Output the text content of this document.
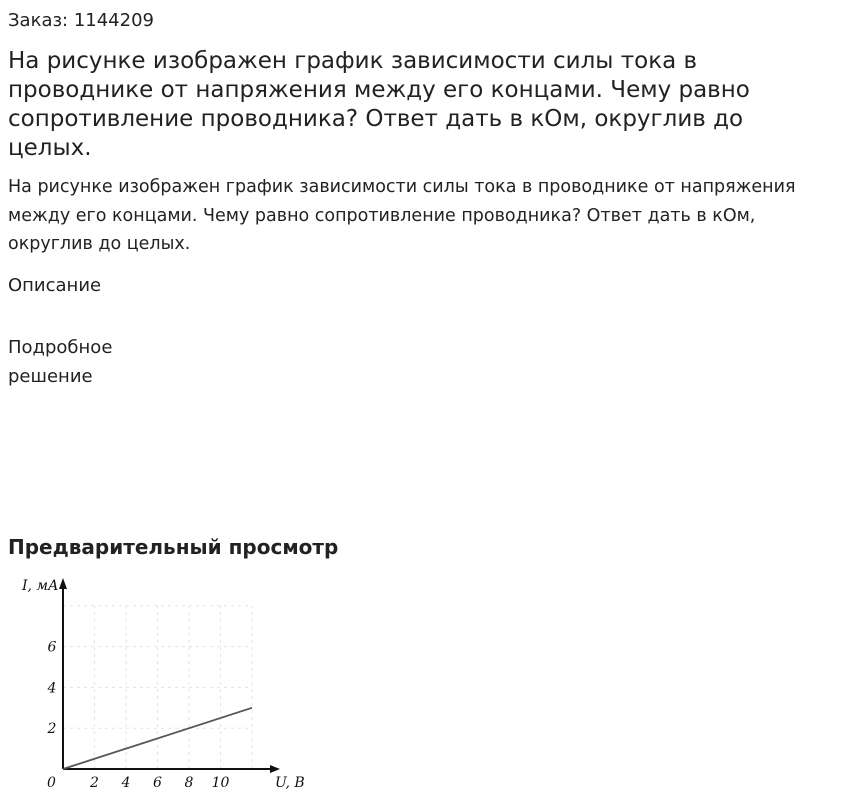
Заказ: 1144209
На рисунке изображен график зависимости силы тока в проводнике от напряжения между его концами. Чему равно сопротивление проводника? Ответ дать в кОм, округлив до целых.

На рисунке изображен график зависимости силы тока в проводнике от напряжения между его концами. Чему равно сопротивление проводника? Ответ дать в кОм, округлив до целых.

Описание
Подробное решение
Предварительный просмотр
I, мА
U, В
0 2 4 6 8 10
2
4
6
